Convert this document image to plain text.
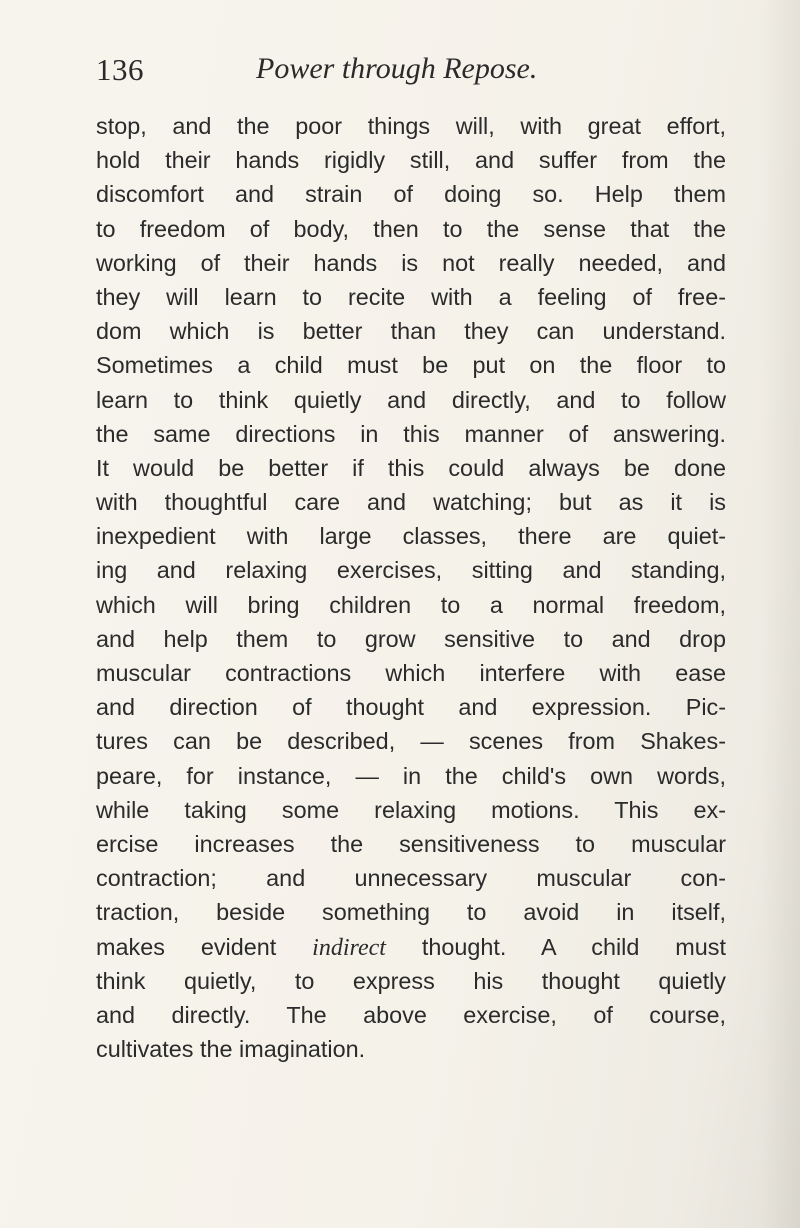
136	Power through Repose.
stop, and the poor things will, with great effort,
hold their hands rigidly still, and suffer from the
discomfort and strain of doing so. Help them
to freedom of body, then to the sense that the
working of their hands is not really needed, and
they will learn to recite with a feeling of free-
dom which is better than they can understand.
Sometimes a child must be put on the floor to
learn to think quietly and directly, and to follow
the same directions in this manner of answering.
It would be better if this could always be done
with thoughtful care and watching; but as it is
inexpedient with large classes, there are quiet-
ing and relaxing exercises, sitting and standing,
which will bring children to a normal freedom,
and help them to grow sensitive to and drop
muscular contractions which interfere with ease
and direction of thought and expression. Pic-
tures can be described, — scenes from Shakes-
peare, for instance, — in the child's own words,
while taking some relaxing motions. This ex-
ercise increases the sensitiveness to muscular
contraction; and unnecessary muscular con-
traction, beside something to avoid in itself,
makes evident indirect thought. A child must
think quietly, to express his thought quietly
and directly. The above exercise, of course,
cultivates the imagination.
